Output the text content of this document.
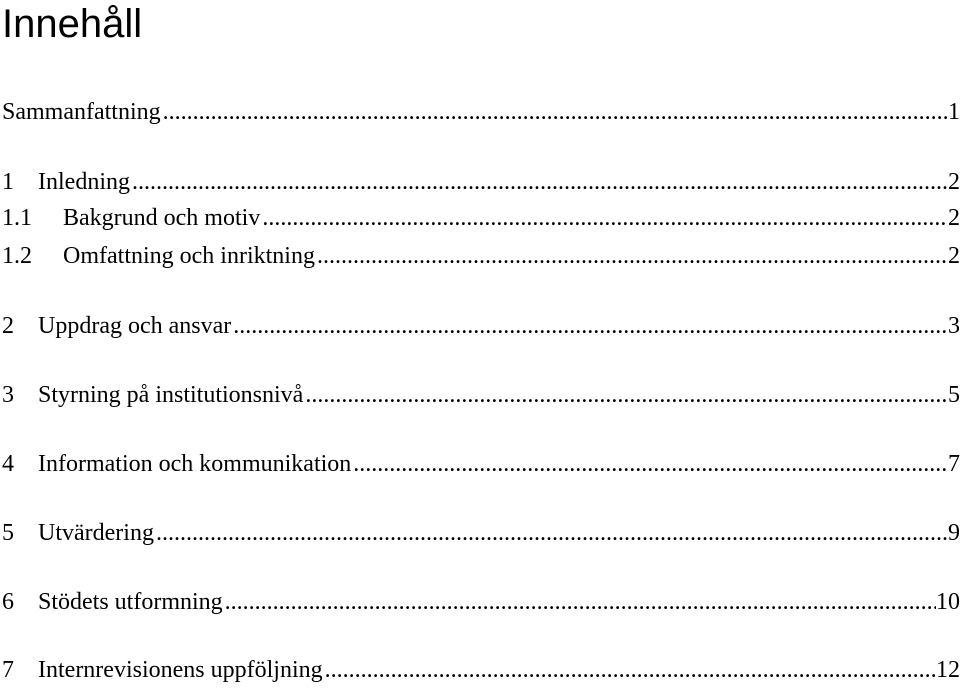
Innehåll
Sammanfattning .....	1
1	Inledning .....	2
1.1	Bakgrund och motiv .....	2
1.2	Omfattning och inriktning .....	2
2	Uppdrag och ansvar .....	3
3	Styrning på institutionsnivå .....	5
4	Information och kommunikation .....	7
5	Utvärdering .....	9
6	Stödets utformning .....	10
7	Internrevisionens uppföljning .....	12
